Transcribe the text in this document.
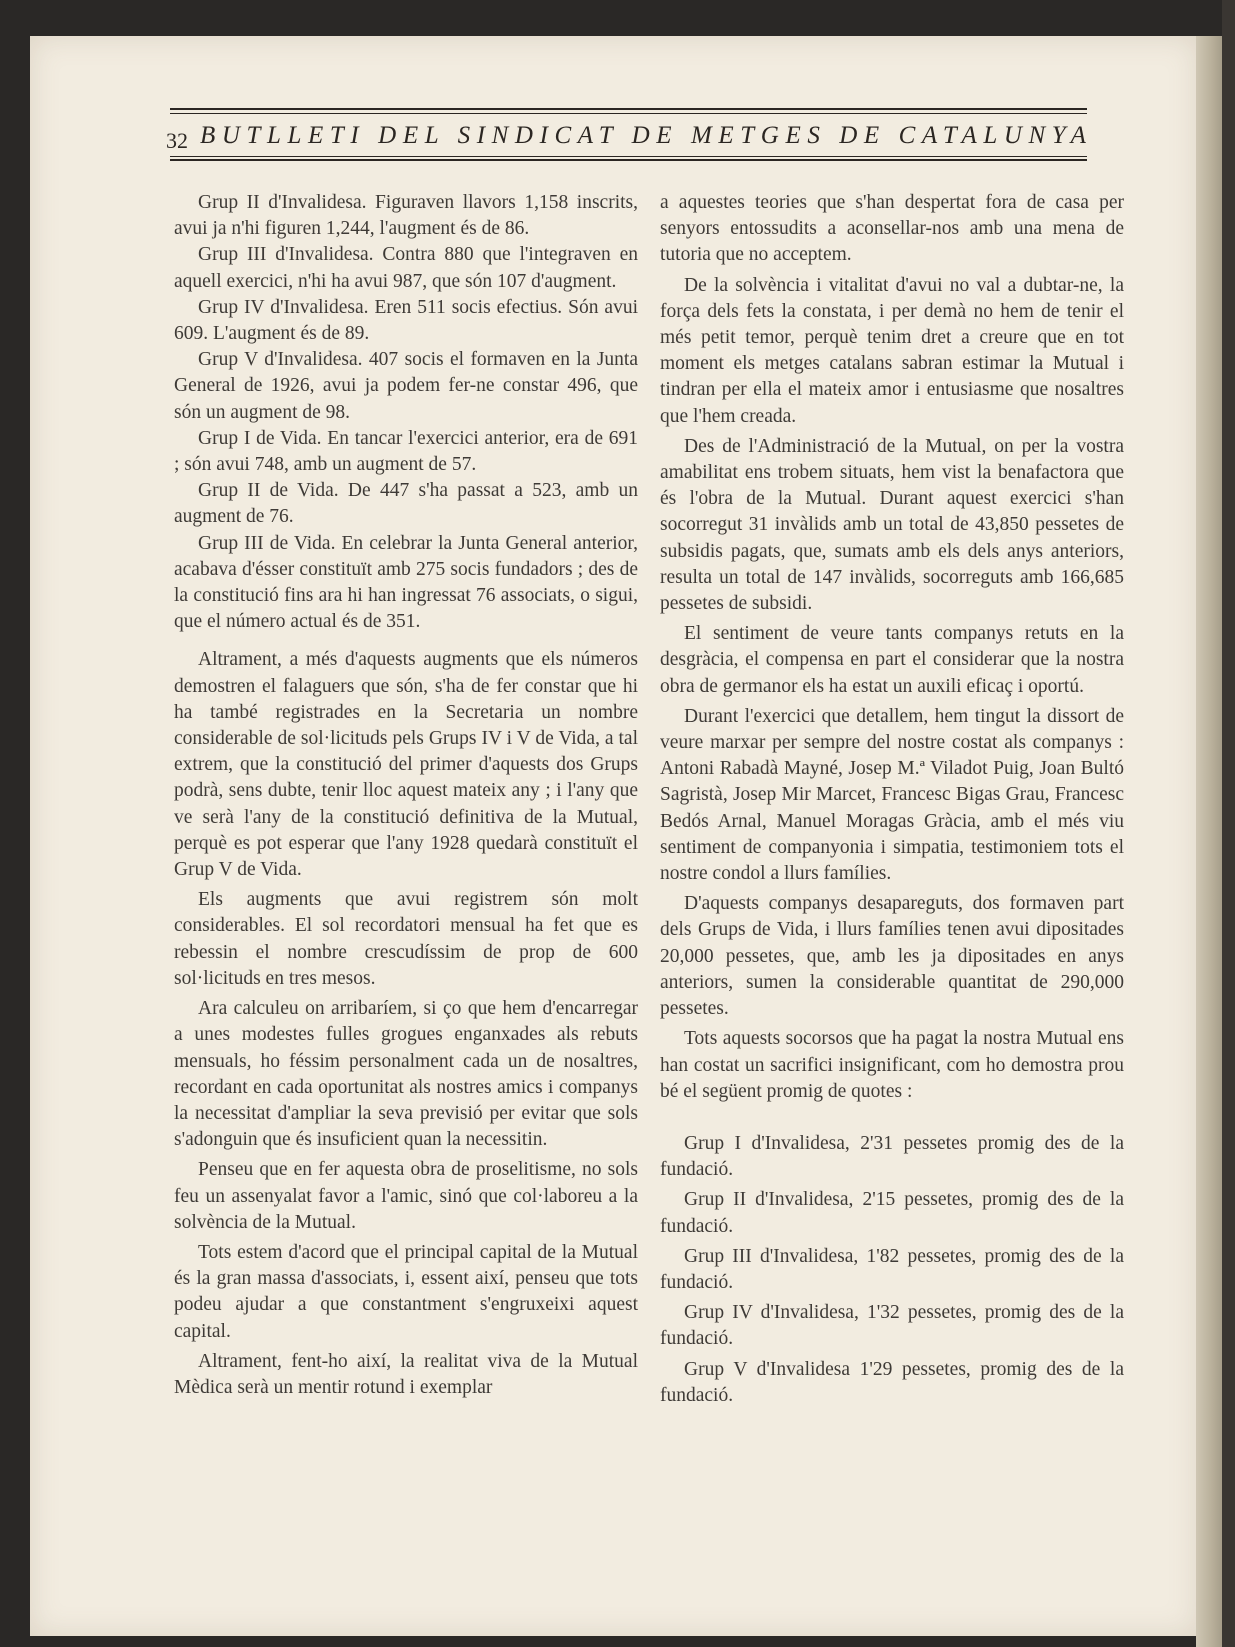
32 BUTLLETI DEL SINDICAT DE METGES DE CATALUNYA

Grup II d'Invalidesa. Figuraven llavors 1,158 inscrits, avui ja n'hi figuren 1,244, l'augment és de 86.

Grup III d'Invalidesa. Contra 880 que l'integraven en aquell exercici, n'hi ha avui 987, que són 107 d'augment.

Grup IV d'Invalidesa. Eren 511 socis efectius. Són avui 609. L'augment és de 89.

Grup V d'Invalidesa. 407 socis el formaven en la Junta General de 1926, avui ja podem fer-ne constar 496, que són un augment de 98.

Grup I de Vida. En tancar l'exercici anterior, era de 691 ; són avui 748, amb un augment de 57.

Grup II de Vida. De 447 s'ha passat a 523, amb un augment de 76.

Grup III de Vida. En celebrar la Junta General anterior, acabava d'ésser constituït amb 275 socis fundadors ; des de la constitució fins ara hi han ingressat 76 associats, o sigui, que el número actual és de 351.

Altrament, a més d'aquests augments que els números demostren el falaguers que són, s'ha de fer constar que hi ha també registrades en la Secretaria un nombre considerable de sol·licituds pels Grups IV i V de Vida, a tal extrem, que la constitució del primer d'aquests dos Grups podrà, sens dubte, tenir lloc aquest mateix any ; i l'any que ve serà l'any de la constitució definitiva de la Mutual, perquè es pot esperar que l'any 1928 quedarà constituït el Grup V de Vida.

Els augments que avui registrem són molt considerables. El sol recordatori mensual ha fet que es rebessin el nombre crescudíssim de prop de 600 sol·licituds en tres mesos.

Ara calculeu on arribaríem, si ço que hem d'encarregar a unes modestes fulles grogues enganxades als rebuts mensuals, ho féssim personalment cada un de nosaltres, recordant en cada oportunitat als nostres amics i companys la necessitat d'ampliar la seva previsió per evitar que sols s'adonguin que és insuficient quan la necessitin.

Penseu que en fer aquesta obra de proselitisme, no sols feu un assenyalat favor a l'amic, sinó que col·laboreu a la solvència de la Mutual.

Tots estem d'acord que el principal capital de la Mutual és la gran massa d'associats, i, essent així, penseu que tots podeu ajudar a que constantment s'engruxeixi aquest capital.

Altrament, fent-ho així, la realitat viva de la Mutual Mèdica serà un mentir rotund i exemplar

a aquestes teories que s'han despertat fora de casa per senyors entossudits a aconsellar-nos amb una mena de tutoria que no acceptem.

De la solvència i vitalitat d'avui no val a dubtar-ne, la força dels fets la constata, i per demà no hem de tenir el més petit temor, perquè tenim dret a creure que en tot moment els metges catalans sabran estimar la Mutual i tindran per ella el mateix amor i entusiasme que nosaltres que l'hem creada.

Des de l'Administració de la Mutual, on per la vostra amabilitat ens trobem situats, hem vist la benafactora que és l'obra de la Mutual. Durant aquest exercici s'han socorregut 31 invàlids amb un total de 43,850 pessetes de subsidis pagats, que, sumats amb els dels anys anteriors, resulta un total de 147 invàlids, socorreguts amb 166,685 pessetes de subsidi.

El sentiment de veure tants companys retuts en la desgràcia, el compensa en part el considerar que la nostra obra de germanor els ha estat un auxili eficaç i oportú.

Durant l'exercici que detallem, hem tingut la dissort de veure marxar per sempre del nostre costat als companys : Antoni Rabadà Mayné, Josep M.ª Viladot Puig, Joan Bultó Sagristà, Josep Mir Marcet, Francesc Bigas Grau, Francesc Bedós Arnal, Manuel Moragas Gràcia, amb el més viu sentiment de companyonia i simpatia, testimoniem tots el nostre condol a llurs famílies.

D'aquests companys desapareguts, dos formaven part dels Grups de Vida, i llurs famílies tenen avui dipositades 20,000 pessetes, que, amb les ja dipositades en anys anteriors, sumen la considerable quantitat de 290,000 pessetes.

Tots aquests socorsos que ha pagat la nostra Mutual ens han costat un sacrifici insignificant, com ho demostra prou bé el següent promig de quotes :

Grup I d'Invalidesa, 2'31 pessetes promig des de la fundació.

Grup II d'Invalidesa, 2'15 pessetes, promig des de la fundació.

Grup III d'Invalidesa, 1'82 pessetes, promig des de la fundació.

Grup IV d'Invalidesa, 1'32 pessetes, promig des de la fundació.

Grup V d'Invalidesa 1'29 pessetes, promig des de la fundació.
